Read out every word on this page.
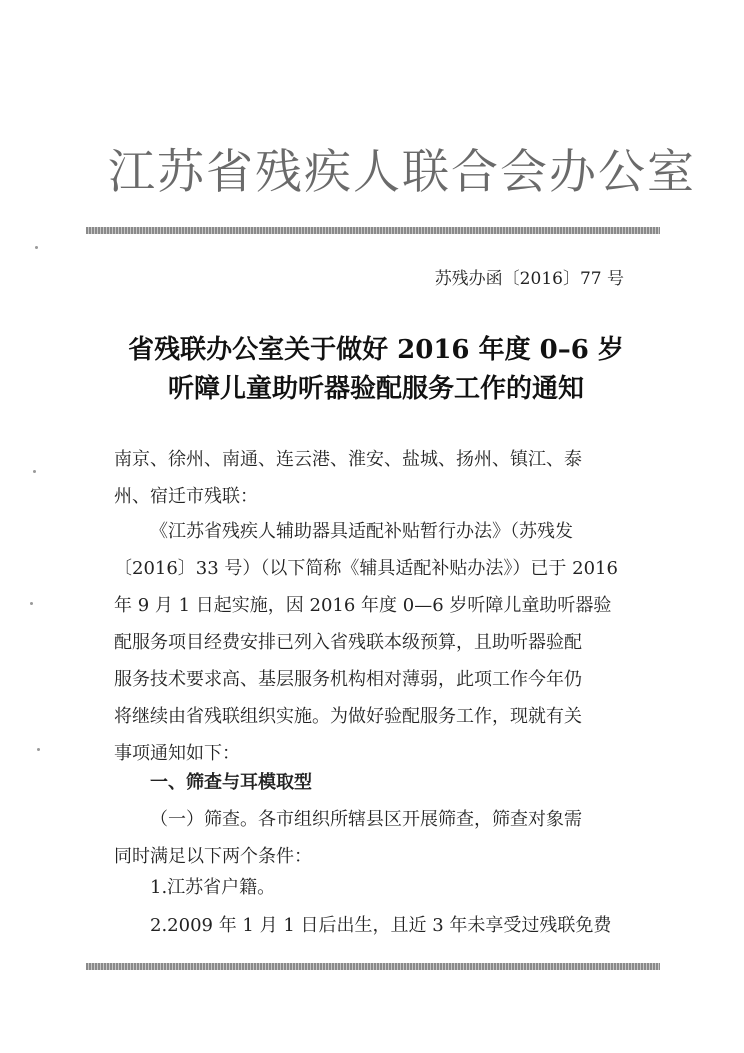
江苏省残疾人联合会办公室
苏残办函〔2016〕77 号
省残联办公室关于做好 2016 年度 0–6 岁
听障儿童助听器验配服务工作的通知
南京、徐州、南通、连云港、淮安、盐城、扬州、镇江、泰
州、宿迁市残联：
《江苏省残疾人辅助器具适配补贴暂行办法》（苏残发
〔2016〕33 号）（以下简称《辅具适配补贴办法》）已于 2016
年 9 月 1 日起实施，因 2016 年度 0—6 岁听障儿童助听器验
配服务项目经费安排已列入省残联本级预算，且助听器验配
服务技术要求高、基层服务机构相对薄弱，此项工作今年仍
将继续由省残联组织实施。为做好验配服务工作，现就有关
事项通知如下：
一、筛查与耳模取型
（一）筛查。各市组织所辖县区开展筛查，筛查对象需
同时满足以下两个条件：
1.江苏省户籍。
2.2009 年 1 月 1 日后出生，且近 3 年未享受过残联免费
